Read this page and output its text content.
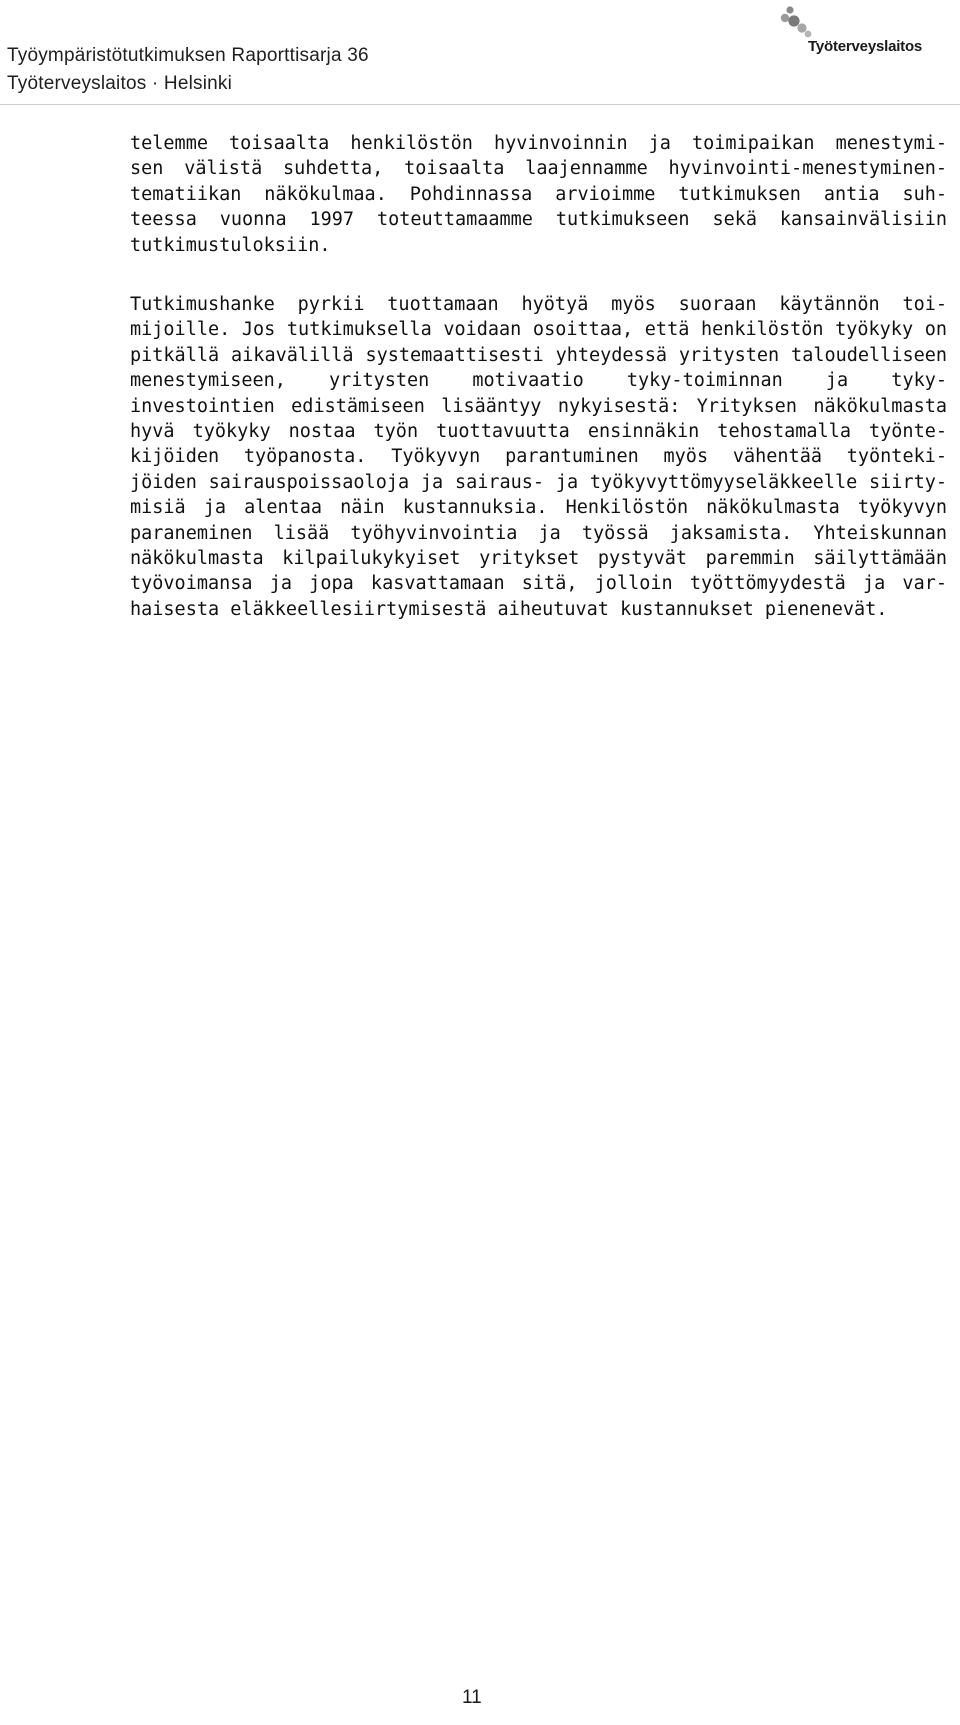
Työympäristötutkimuksen Raporttisarja 36
Työterveyslaitos · Helsinki
Työterveyslaitos
telemme toisaalta henkilöstön hyvinvoinnin ja toimipaikan menestymi-
sen välistä suhdetta, toisaalta laajennamme hyvinvointi-menestyminen-
tematiikan näkökulmaa. Pohdinnassa arvioimme tutkimuksen antia suh-
teessa vuonna 1997 toteuttamaamme tutkimukseen sekä kansainvälisiin
tutkimustuloksiin.
Tutkimushanke pyrkii tuottamaan hyötyä myös suoraan käytännön toi-
mijoille. Jos tutkimuksella voidaan osoittaa, että henkilöstön työkyky on
pitkällä aikavälillä systemaattisesti yhteydessä yritysten taloudelliseen
menestymiseen, yritysten motivaatio tyky-toiminnan ja tyky-
investointien edistämiseen lisääntyy nykyisestä: Yrityksen näkökulmasta
hyvä työkyky nostaa työn tuottavuutta ensinnäkin tehostamalla työnte-
kijöiden työpanosta. Työkyvyn parantuminen myös vähentää työnteki-
jöiden sairauspoissaoloja ja sairaus- ja työkyvyttömyyseläkkeelle siirty-
misiä ja alentaa näin kustannuksia. Henkilöstön näkökulmasta työkyvyn
paraneminen lisää työhyvinvointia ja työssä jaksamista. Yhteiskunnan
näkökulmasta kilpailukykyiset yritykset pystyvät paremmin säilyttämään
työvoimansa ja jopa kasvattamaan sitä, jolloin työttömyydestä ja var-
haisesta eläkkeellesiirtymisestä aiheutuvat kustannukset pienenevät.
11
